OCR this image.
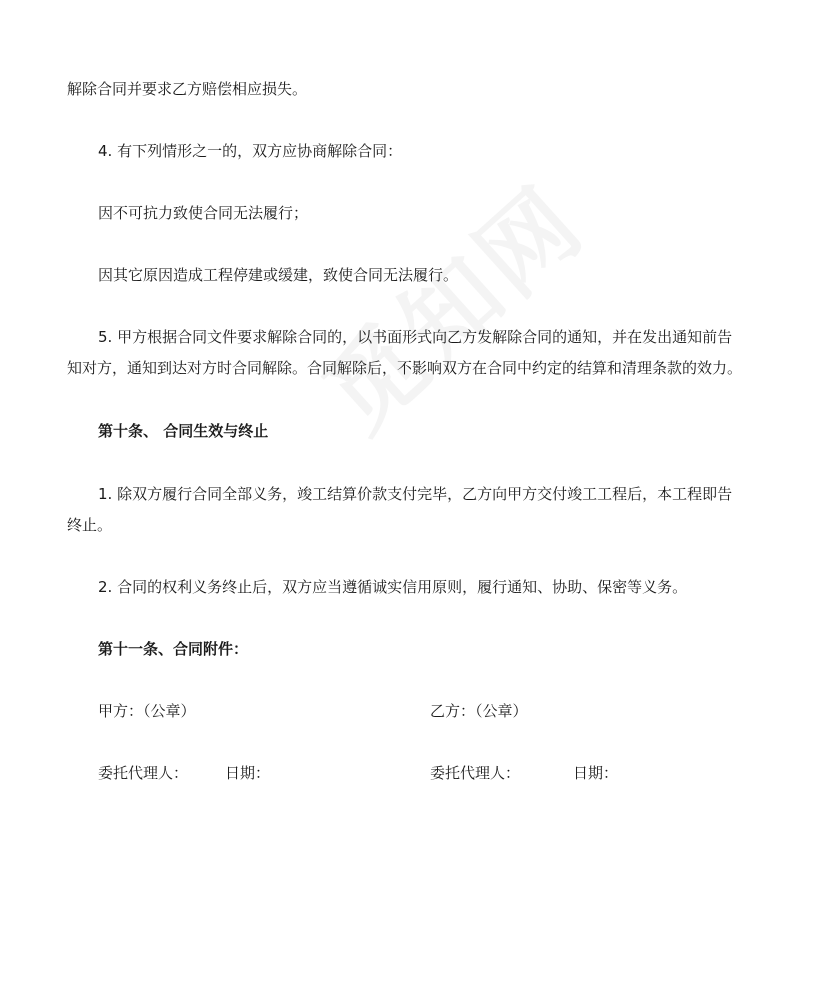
解除合同并要求乙方赔偿相应损失。
4. 有下列情形之一的，双方应协商解除合同：
因不可抗力致使合同无法履行；
因其它原因造成工程停建或缓建，致使合同无法履行。
5. 甲方根据合同文件要求解除合同的，以书面形式向乙方发解除合同的通知，并在发出通知前告
知对方，通知到达对方时合同解除。合同解除后，不影响双方在合同中约定的结算和清理条款的效力。
第十条、 合同生效与终止
1. 除双方履行合同全部义务，竣工结算价款支付完毕，乙方向甲方交付竣工工程后，本工程即告
终止。
2. 合同的权利义务终止后，双方应当遵循诚实信用原则，履行通知、协助、保密等义务。
第十一条、合同附件：
甲方：（公章）	乙方：（公章）
委托代理人： 日期：	委托代理人：	日期：
